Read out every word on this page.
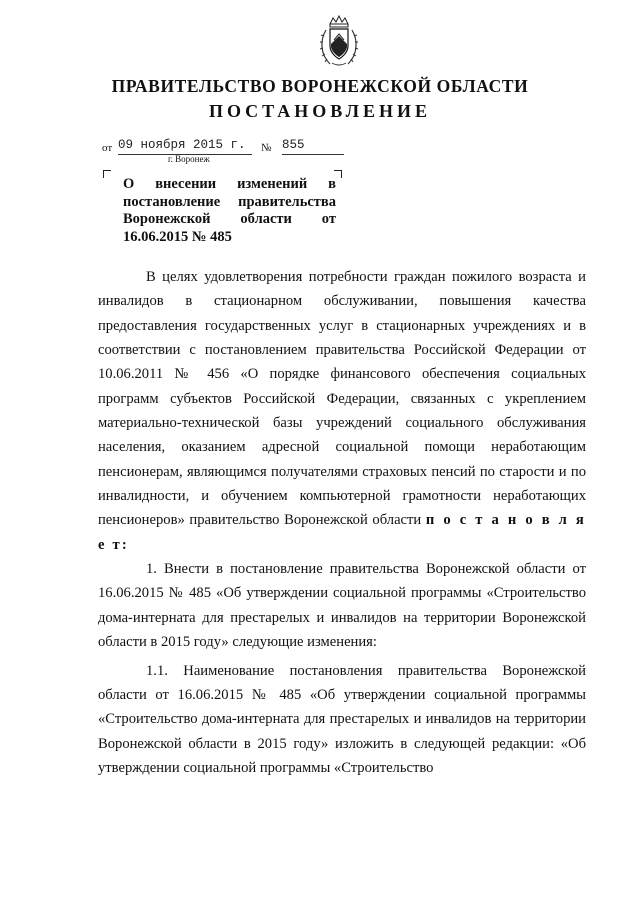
ПРАВИТЕЛЬСТВО ВОРОНЕЖСКОЙ ОБЛАСТИ
ПОСТАНОВЛЕНИЕ
от 09 ноября 2015 г.	№ 855
г. Воронеж
О внесении изменений в постановление правительства Воронежской области от 16.06.2015 № 485

В целях удовлетворения потребности граждан пожилого возраста и инвалидов в стационарном обслуживании, повышения качества предоставления государственных услуг в стационарных учреждениях и в соответствии с постановлением правительства Российской Федерации от 10.06.2011 № 456 «О порядке финансового обеспечения социальных программ субъектов Российской Федерации, связанных с укреплением материально-технической базы учреждений социального обслуживания населения, оказанием адресной социальной помощи неработающим пенсионерам, являющимся получателями страховых пенсий по старости и по инвалидности, и обучением компьютерной грамотности неработающих пенсионеров» правительство Воронежской области п о с т а н о в л я е т:

1. Внести в постановление правительства Воронежской области от 16.06.2015 № 485 «Об утверждении социальной программы «Строительство дома-интерната для престарелых и инвалидов на территории Воронежской области в 2015 году» следующие изменения:

1.1. Наименование постановления правительства Воронежской области от 16.06.2015 № 485 «Об утверждении социальной программы «Строительство дома-интерната для престарелых и инвалидов на территории Воронежской области в 2015 году» изложить в следующей редакции: «Об утверждении социальной программы «Строительство
